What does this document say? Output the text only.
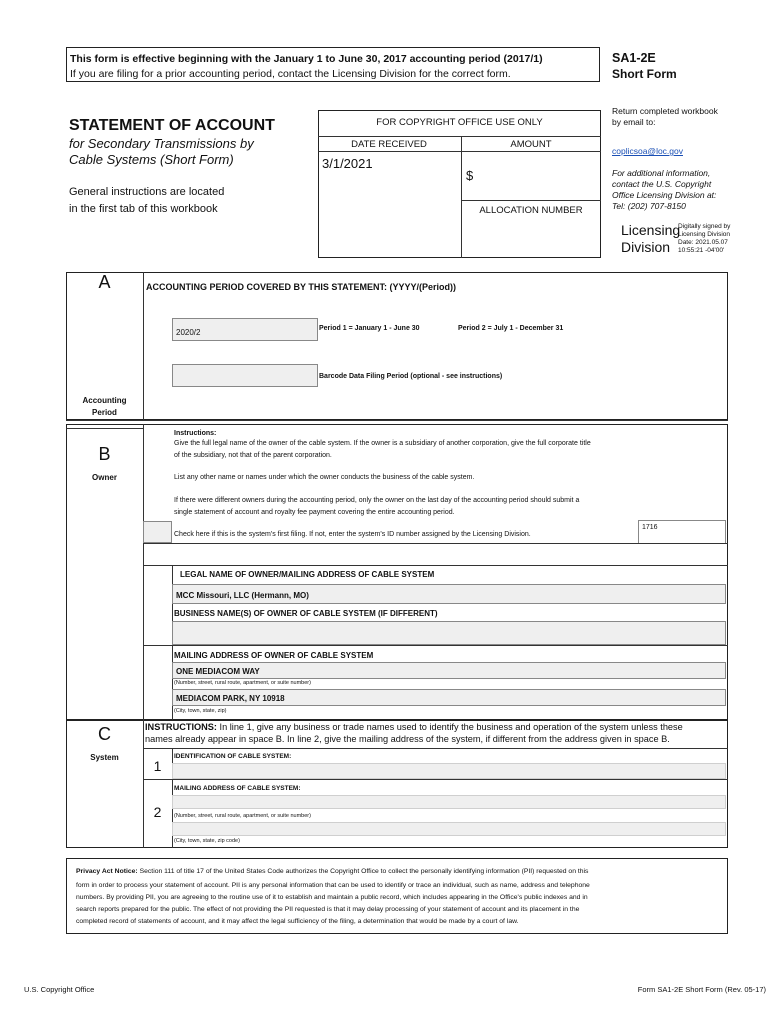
This form is effective beginning with the January 1 to June 30, 2017 accounting period (2017/1)
If you are filing for a prior accounting period, contact the Licensing Division for the correct form.
SA1-2E
Short Form
STATEMENT OF ACCOUNT
for Secondary Transmissions by
Cable Systems (Short Form)
General instructions are located
in the first tab of this workbook
FOR COPYRIGHT OFFICE USE ONLY
DATE RECEIVED	AMOUNT
3/1/2021
$
ALLOCATION NUMBER
Return completed workbook
by email to:
coplicsoa@loc.gov
For additional information,
contact the U.S. Copyright
Office Licensing Division at:
Tel: (202) 707-8150
Licensing
Division
Digitally signed by
Licensing Division
Date: 2021.05.07
10:55:21 -04'00'
A
Accounting
Period
ACCOUNTING PERIOD COVERED BY THIS STATEMENT: (YYYY/(Period))
2020/2	Period 1 = January 1 - June 30	Period 2 = July 1 - December 31
Barcode Data Filing Period (optional - see instructions)
B
Owner
Instructions:
Give the full legal name of the owner of the cable system. If the owner is a subsidiary of another corporation, give the full corporate title
of the subsidiary, not that of the parent corporation.
List any other name or names under which the owner conducts the business of the cable system.
If there were different owners during the accounting period, only the owner on the last day of the accounting period should submit a
single statement of account and royalty fee payment covering the entire accounting period.
Check here if this is the system's first filing. If not, enter the system's ID number assigned by the Licensing Division.
1716
LEGAL NAME OF OWNER/MAILING ADDRESS OF CABLE SYSTEM
MCC Missouri, LLC (Hermann, MO)
BUSINESS NAME(S) OF OWNER OF CABLE SYSTEM (IF DIFFERENT)
MAILING ADDRESS OF OWNER OF CABLE SYSTEM
ONE MEDIACOM WAY
(Number, street, rural route, apartment, or suite number)
MEDIACOM PARK, NY 10918
(City, town, state, zip)
C
System
INSTRUCTIONS: In line 1, give any business or trade names used to identify the business and operation of the system unless these
names already appear in space B. In line 2, give the mailing address of the system, if different from the address given in space B.
1
IDENTIFICATION OF CABLE SYSTEM:
2
MAILING ADDRESS OF CABLE SYSTEM:
(Number, street, rural route, apartment, or suite number)
(City, town, state, zip code)
Privacy Act Notice: Section 111 of title 17 of the United States Code authorizes the Copyright Office to collect the personally identifying information (PII) requested on this
form in order to process your statement of account. PII is any personal information that can be used to identify or trace an individual, such as name, address and telephone
numbers. By providing PII, you are agreeing to the routine use of it to establish and maintain a public record, which includes appearing in the Office's public indexes and in
search reports prepared for the public. The effect of not providing the PII requested is that it may delay processing of your statement of account and its placement in the
completed record of statements of account, and it may affect the legal sufficiency of the filing, a determination that would be made by a court of law.
U.S. Copyright Office	Form SA1-2E Short Form (Rev. 05-17)
